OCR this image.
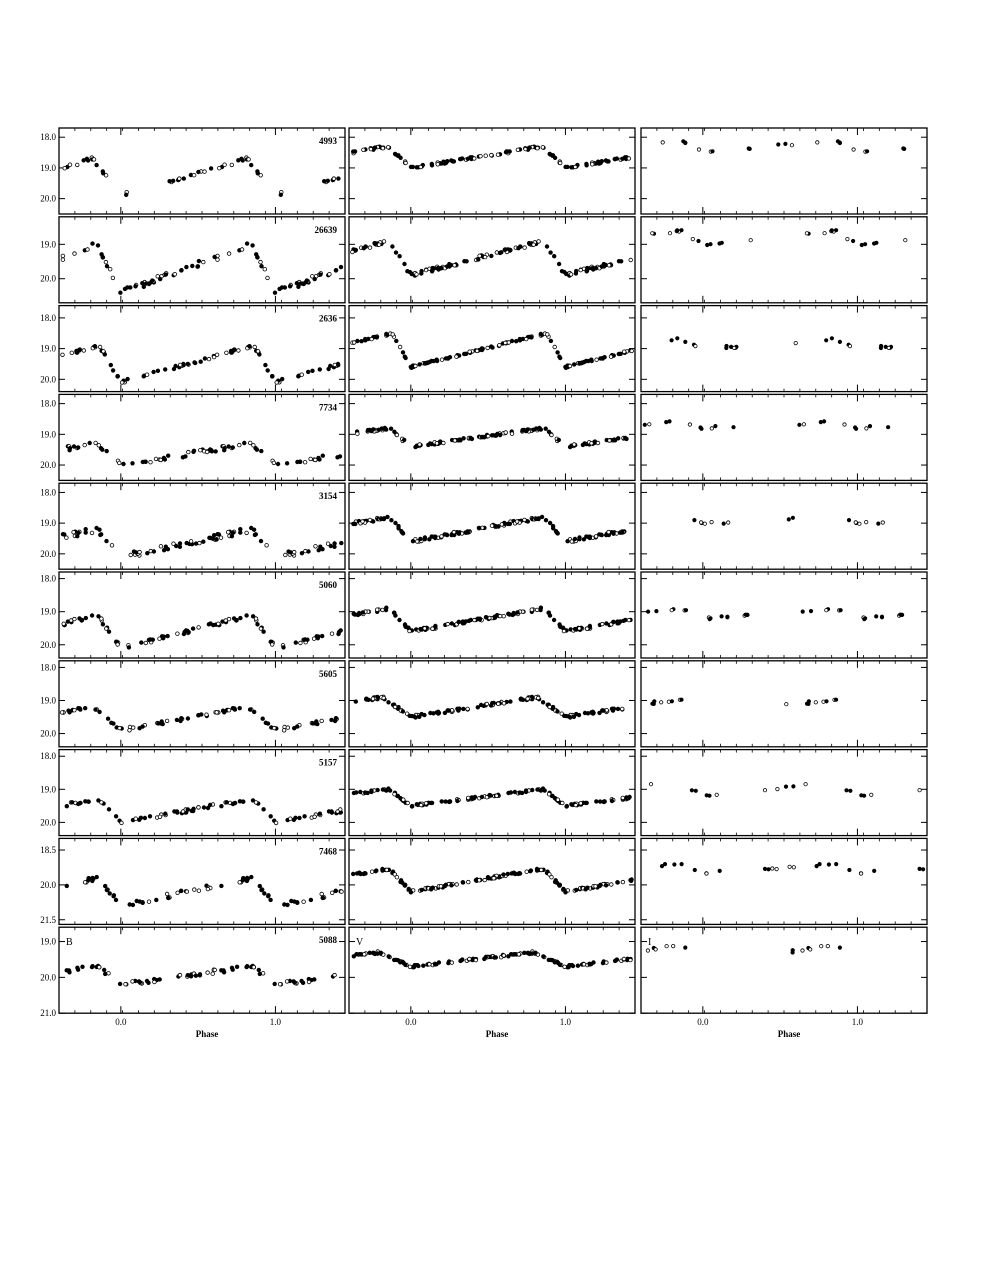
18.0
19.0
20.0
4993
19.0
20.0
26639
18.0
19.0
20.0
2636
18.0
19.0
20.0
7734
18.0
19.0
20.0
3154
18.0
19.0
20.0
5060
18.0
19.0
20.0
5605
18.0
19.0
20.0
5157
18.5
20.0
21.5
7468
19.0
20.0
21.0
5088
B
0.0	1.0
Phase
V
0.0	1.0
Phase
I
0.0	1.0
Phase
